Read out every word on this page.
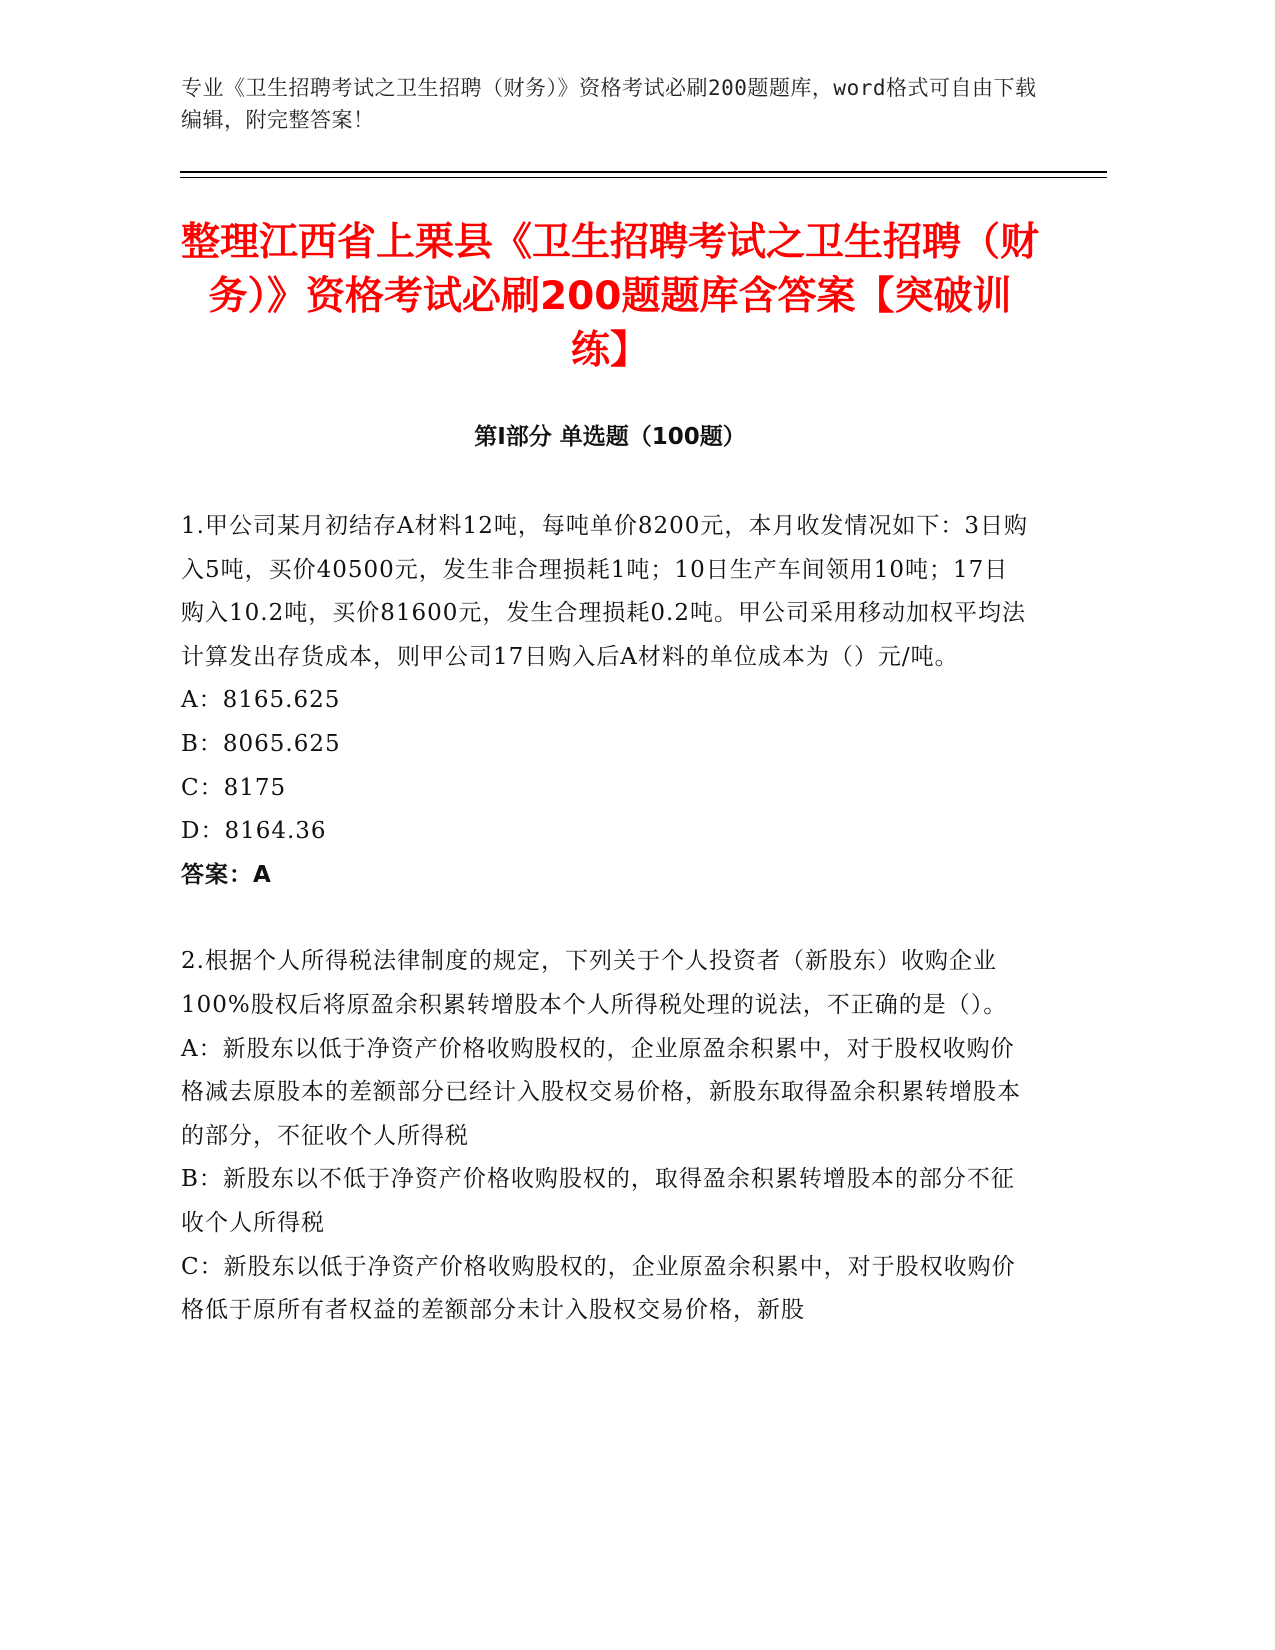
专业《卫生招聘考试之卫生招聘（财务）》资格考试必刷200题题库，word格式可自由下载编辑，附完整答案！
整理江西省上栗县《卫生招聘考试之卫生招聘（财务）》资格考试必刷200题题库含答案【突破训练】
第Ⅰ部分 单选题（100题）

1.甲公司某月初结存A材料12吨，每吨单价8200元，本月收发情况如下：3日购入5吨，买价40500元，发生非合理损耗1吨；10日生产车间领用10吨；17日购入10.2吨，买价81600元，发生合理损耗0.2吨。甲公司采用移动加权平均法计算发出存货成本，则甲公司17日购入后A材料的单位成本为（）元/吨。

A：8165.625

B：8065.625

C：8175

D：8164.36

答案：A

2.根据个人所得税法律制度的规定，下列关于个人投资者（新股东）收购企业100%股权后将原盈余积累转增股本个人所得税处理的说法，不正确的是（）。

A：新股东以低于净资产价格收购股权的，企业原盈余积累中，对于股权收购价格减去原股本的差额部分已经计入股权交易价格，新股东取得盈余积累转增股本的部分，不征收个人所得税

B：新股东以不低于净资产价格收购股权的，取得盈余积累转增股本的部分不征收个人所得税

C：新股东以低于净资产价格收购股权的，企业原盈余积累中，对于股权收购价格低于原所有者权益的差额部分未计入股权交易价格，新股
